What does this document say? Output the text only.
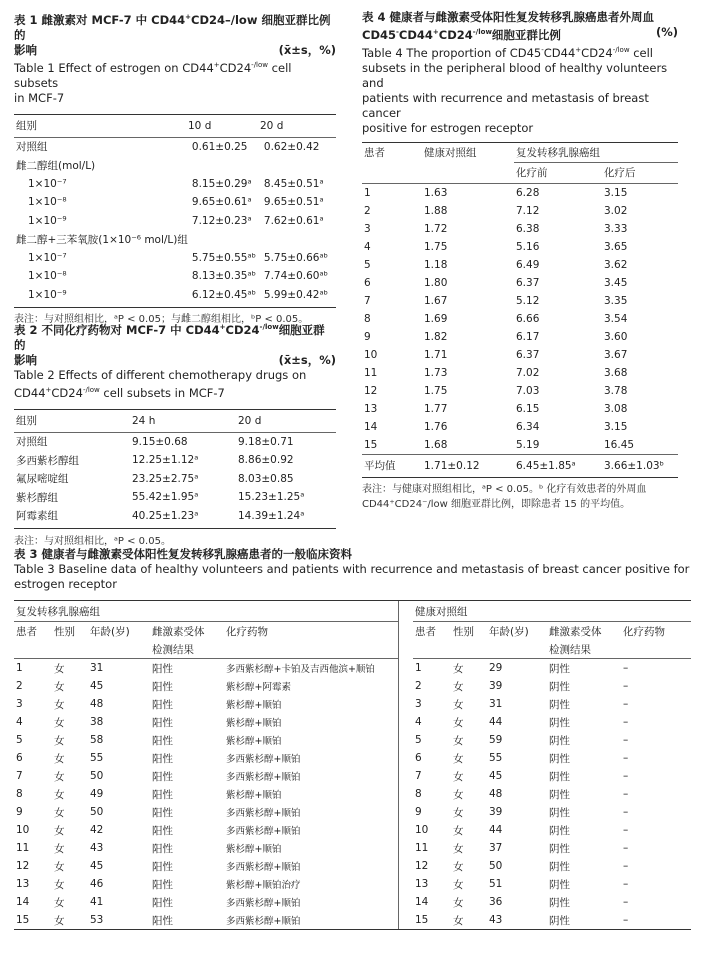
表 1 雌激素对 MCF-7 中 CD44+CD24–/low 细胞亚群比例的
影响	(x̄±s，%)
Table 1 Effect of estrogen on $CD44^+CD24^{-/low}$ cell subsets
in MCF-7
组别	10 d	20 d
对照组	0.61±0.25	0.62±0.42
雌二醇组(mol/L)		
1×10⁻⁷	8.15±0.29ᵃ	8.45±0.51ᵃ
1×10⁻⁸	9.65±0.61ᵃ	9.65±0.51ᵃ
1×10⁻⁹	7.12±0.23ᵃ	7.62±0.61ᵃ
雌二醇+三苯氧胺(1×10⁻⁶ mol/L)组		
1×10⁻⁷	5.75±0.55ᵃᵇ	5.75±0.66ᵃᵇ
1×10⁻⁸	8.13±0.35ᵃᵇ	7.74±0.60ᵃᵇ
1×10⁻⁹	6.12±0.45ᵃᵇ	5.99±0.42ᵃᵇ
表注：与对照组相比，ᵃP < 0.05；与雌二醇组相比，ᵇP < 0.05。
表 2 不同化疗药物对 MCF-7 中 $CD44^+CD24^{-/low}$细胞亚群的
影响	(x̄±s，%)
Table 2 Effects of different chemotherapy drugs on
$CD44^+CD24^{-/low}$ cell subsets in MCF-7
组别	24 h	20 d
对照组	9.15±0.68	9.18±0.71
多西紫杉醇组	12.25±1.12ᵃ	8.86±0.92
氟尿嘧啶组	23.25±2.75ᵃ	8.03±0.85
紫杉醇组	55.42±1.95ᵃ	15.23±1.25ᵃ
阿霉素组	40.25±1.23ᵃ	14.39±1.24ᵃ
表注：与对照组相比，ᵃP < 0.05。
表 4 健康者与雌激素受体阳性复发转移乳腺癌患者外周血
$CD45^-CD44^+CD24^{-/low}$细胞亚群比例	(%)
Table 4 The proportion of $CD45^-CD44^+CD24^{-/low}$ cell
subsets in the peripheral blood of healthy volunteers and
patients with recurrence and metastasis of breast cancer
positive for estrogen receptor
患者	健康对照组	复发转移乳腺癌组	
		化疗前	化疗后
1	1.63	6.28	3.15
2	1.88	7.12	3.02
3	1.72	6.38	3.33
4	1.75	5.16	3.65
5	1.18	6.49	3.62
6	1.80	6.37	3.45
7	1.67	5.12	3.35
8	1.69	6.66	3.54
9	1.82	6.17	3.60
10	1.71	6.37	3.67
11	1.73	7.02	3.68
12	1.75	7.03	3.78
13	1.77	6.15	3.08
14	1.76	6.34	3.15
15	1.68	5.19	16.45
平均值	1.71±0.12	6.45±1.85ᵃ	3.66±1.03ᵇ
表注：与健康对照组相比，ᵃP < 0.05。ᵇ 化疗有效患者的外周血
CD44⁺CD24⁻/low 细胞亚群比例，即除患者 15 的平均值。
表 3 健康者与雌激素受体阳性复发转移乳腺癌患者的一般临床资料
Table 3 Baseline data of healthy volunteers and patients with recurrence and metastasis of breast cancer positive for
estrogen receptor
复发转移乳腺癌组
患者	性别	年龄(岁)	雌激素受体	化疗药物
			检测结果	
1	女	31	阳性	多西紫杉醇+卡铂及吉西他滨+顺铂
2	女	45	阳性	紫杉醇+阿霉素
3	女	48	阳性	紫杉醇+顺铂
4	女	38	阳性	紫杉醇+顺铂
5	女	58	阳性	紫杉醇+顺铂
6	女	55	阳性	多西紫杉醇+顺铂
7	女	50	阳性	多西紫杉醇+顺铂
8	女	49	阳性	紫杉醇+顺铂
9	女	50	阳性	多西紫杉醇+顺铂
10	女	42	阳性	多西紫杉醇+顺铂
11	女	43	阳性	紫杉醇+顺铂
12	女	45	阳性	多西紫杉醇+顺铂
13	女	46	阳性	紫杉醇+顺铂治疗
14	女	41	阳性	多西紫杉醇+顺铂
15	女	53	阳性	多西紫杉醇+顺铂
健康对照组
患者	性别	年龄(岁)	雌激素受体	化疗药物
			检测结果	
1	女	29	阴性	–
2	女	39	阴性	–
3	女	31	阴性	–
4	女	44	阴性	–
5	女	59	阴性	–
6	女	55	阴性	–
7	女	45	阴性	–
8	女	48	阴性	–
9	女	39	阴性	–
10	女	44	阴性	–
11	女	37	阴性	–
12	女	50	阴性	–
13	女	51	阴性	–
14	女	36	阴性	–
15	女	43	阴性	–
